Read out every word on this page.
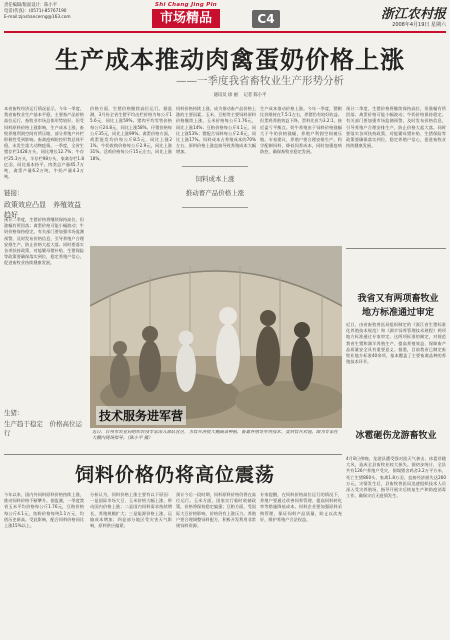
责任编辑/版面设计：陈小平
电话(传真)：(0571)-85767190
E-mail:zjnshancerng@163.com
Shi Chang Jing Pin
市场精品	C4	浙江农村报
2008年4月19日 星期六
生产成本推动肉禽蛋奶价格上涨
——一季度我省畜牧业生产形势分析
通讯员 徐 丽　 记者 陈小平
本省畜牧经济运行情况显示，今年一季度，我省畜牧业生产基本平稳，主要畜产品价格高位运行，畜牧业市场总体形势较好。但受饲料原料价格上涨影响，生产成本上涨，畜牧养殖利润空间有所压缩，部分养殖户补栏积极性受到影响。畜禽疫病防控形势总体平稳，未发生重大动物疫情。一季度，全省生猪存栏1428万头，同比增长12.7%；牛存栏25.3万头，羊存栏98万头，家禽存栏1.8亿羽，同比基本持平。肉类总产量45.7万吨，禽蛋产量6.2万吨，牛奶产量4.3万吨。
链接：
政策效应凸显　养殖效益趋好
预计二季度，生猪价格将继续保持高位，但涨幅有所回落；禽蛋价格可能小幅波动；牛奶价格保持稳定。有关部门要加强市场监测预警，及时发布价格信息，引导养殖户合理安排生产，防止价格大起大落。同时要落实各项扶持政策，对能繁母猪补贴、生猪保险等政策要确保落实到位，稳定养殖户信心，促进畜牧业持续健康发展。
生猪：
生产趋于稳定　价格高位运行
价格方面，生猪价格继续高位运行。据监测，3月份全省生猪平均出栏价格为每公斤15.6元，同比上涨59%。猪肉平均零售价格每公斤24.8元，同比上涨58%。仔猪价格每公斤35元，同比上涨99%。禽蛋价格方面，鸡蛋批发均价每公斤8.5元，同比上涨21%。牛奶收购价格每公斤2.9元，同比上涨31%。活鸡价格每公斤15元左右，同比上涨18%。
饲料价格持续上涨，成为推动畜产品价格上涨的主要因素。玉米、豆粕等主要饲料原料价格继续上涨，玉米价格每公斤1.76元，同比上涨14%；豆粕价格每公斤4.1元，同比上涨53%；猪配合饲料每公斤2.6元，同比上涨17%。饲料成本占养殖成本的70%左右，原料价格上涨直接导致养殖成本大幅增加。
饲料成本上涨
推动畜产品价格上涨
生产成本推动价格上涨。今年一季度，猪粮比价维持在7.5:1左右，养猪仍有较好收益。但蛋鸡养殖效益下降，蛋料比价为3.2:1，接近盈亏平衡点。奶牛养殖由于饲料价格涨幅大于牛奶价格涨幅，养殖户利润空间被压缩。专家建议，养殖户要合理安排生产，科学配制饲料，降低饲养成本，同时加强疫病防控，确保畜牧业稳定发展。
预计二季度，生猪价格将继续保持高位，但涨幅有所回落；禽蛋价格可能小幅波动；牛奶价格保持稳定。有关部门要加强市场监测预警，及时发布价格信息，引导养殖户合理安排生产，防止价格大起大落。同时要落实各项扶持政策，对能繁母猪补贴、生猪保险等政策要确保落实到位，稳定养殖户信心，促进畜牧业持续健康发展。
技术服务进军营
近日，台州市农业局组织农技专家深入部队营区，为官兵讲授大棚蔬菜种植、畜禽养殖等实用技术，受到官兵欢迎。图为专家在大棚内现场指导。（陈小平 摄）
我省又有两项畜牧业
地方标准通过审定
近日，由省畜牧兽医局组织制定的《浙江省生猪标准化养殖技术规范》和《湖羊饲养管理技术规程》两项地方标准通过专家审定。这两项标准的制定，对规范我省生猪和湖羊养殖生产、提高养殖效益、保障畜产品质量安全具有重要意义。据悉，目前我省已制定畜牧业地方标准40余项，基本覆盖了主要畜禽品种的养殖技术环节。
冰雹砸伤龙游畜牧业
4月8日傍晚，龙游县遭受强对流天气袭击，冰雹伴随大风，造成全县畜牧业较大损失。据初步统计，全县共有126户养殖户受灾，倒塌猪舍鸡舍3.2万平方米，死亡生猪860头、家禽1.8万羽，直接经济损失达260万元。灾情发生后，县畜牧兽医局迅速组织技术人员深入受灾养殖场，指导开展灾后恢复生产和防疫消毒工作，确保灾后无疫情发生。
饲料价格仍将高位震荡
今年以来，国内外饲料原料价格持续上涨，推动饲料价格不断攀升。据监测，一季度我省玉米平均价格每公斤1.76元，豆粕价格每公斤4.1元，鱼粉价格每吨1.1万元，均创历史新高。受此影响，配合饲料价格同比上涨15%以上。
分析认为，饲料价格上涨主要有以下原因：一是国际市场大豆、玉米价格大幅上涨，带动国内价格上涨；二是国内饲料需求持续增长，养殖规模扩大；三是能源价格上涨，运输成本增加；四是部分地区受灾害天气影响，原料供应偏紧。
预计今后一段时期，饲料原料价格仍将在高位运行。玉米方面，国家实行临时收储政策，价格将保持稳定偏强；豆粕方面，受国际大豆价格影响，价格仍有上涨压力。养殖户要合理调整饲料配方，积极开发利用非常规饲料资源。
专家提醒，在饲料价格高位运行的情况下，养殖户要通过改善饲养管理、提高饲料转化率等措施降低成本。饲料企业要加强原料采购管理，保证饲料产品质量，防止以次充好，维护养殖户合法权益。
